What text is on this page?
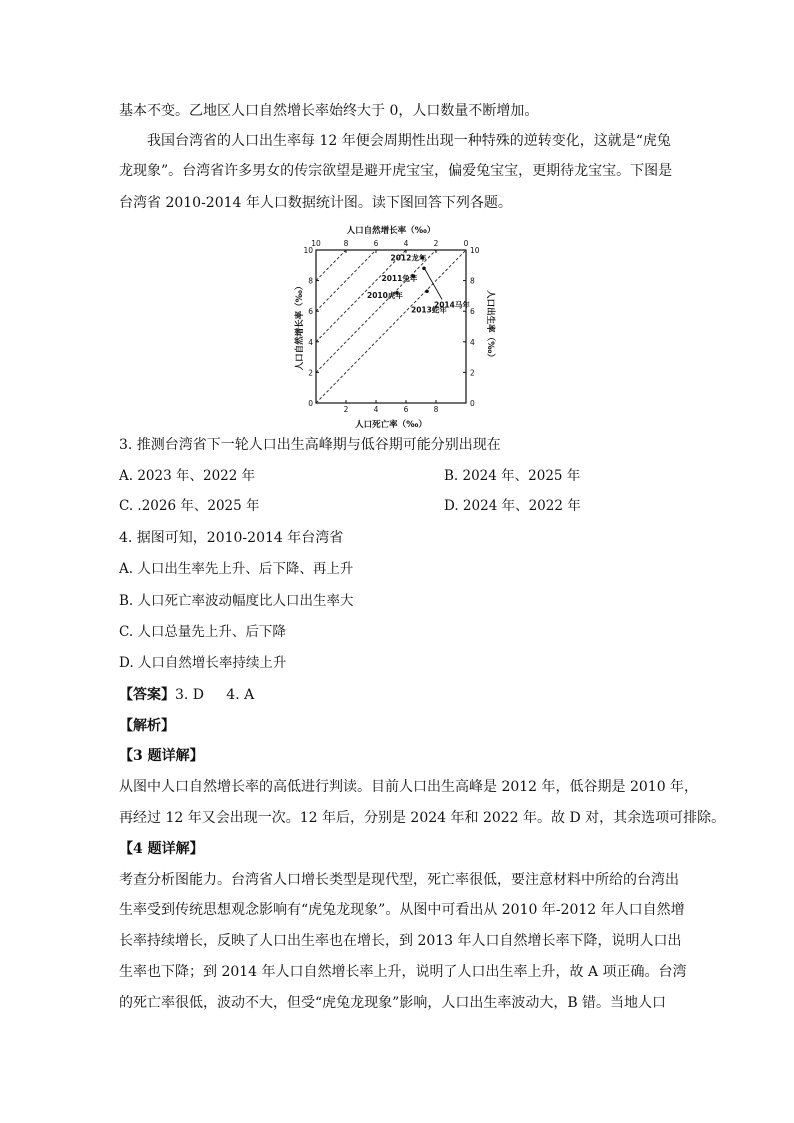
基本不变。乙地区人口自然增长率始终大于 0，人口数量不断增加。
我国台湾省的人口出生率每 12 年便会周期性出现一种特殊的逆转变化，这就是“虎兔
龙现象”。台湾省许多男女的传宗欲望是避开虎宝宝，偏爱兔宝宝，更期待龙宝宝。下图是
台湾省 2010-2014 年人口数据统计图。读下图回答下列各题。
人口自然增长率（‰）
2	4	6	8
10	8	6	4	2	0
0
2
4
6
8
10
0
2
4
6
8
10
2010虎年
2011兔年
2012龙年
2013蛇年
2014马年
人口自然增长率（‰）	人口出生率（‰）
人口死亡率（‰）
3. 推测台湾省下一轮人口出生高峰期与低谷期可能分别出现在
A. 2023 年、2022 年	B. 2024 年、2025 年
C. .2026 年、2025 年	D. 2024 年、2022 年
4. 据图可知，2010-2014 年台湾省
A. 人口出生率先上升、后下降、再上升
B. 人口死亡率波动幅度比人口出生率大
C. 人口总量先上升、后下降
D. 人口自然增长率持续上升
【答案】3. D     4. A
【解析】
【3 题详解】
从图中人口自然增长率的高低进行判读。目前人口出生高峰是 2012 年，低谷期是 2010 年，
再经过 12 年又会出现一次。12 年后，分别是 2024 年和 2022 年。故 D 对，其余选项可排除。
【4 题详解】
考查分析图能力。台湾省人口增长类型是现代型，死亡率很低，要注意材料中所给的台湾出
生率受到传统思想观念影响有“虎兔龙现象”。从图中可看出从 2010 年-2012 年人口自然增
长率持续增长，反映了人口出生率也在增长，到 2013 年人口自然增长率下降，说明人口出
生率也下降；到 2014 年人口自然增长率上升，说明了人口出生率上升，故 A 项正确。台湾
的死亡率很低，波动不大，但受“虎兔龙现象”影响，人口出生率波动大，B 错。当地人口
